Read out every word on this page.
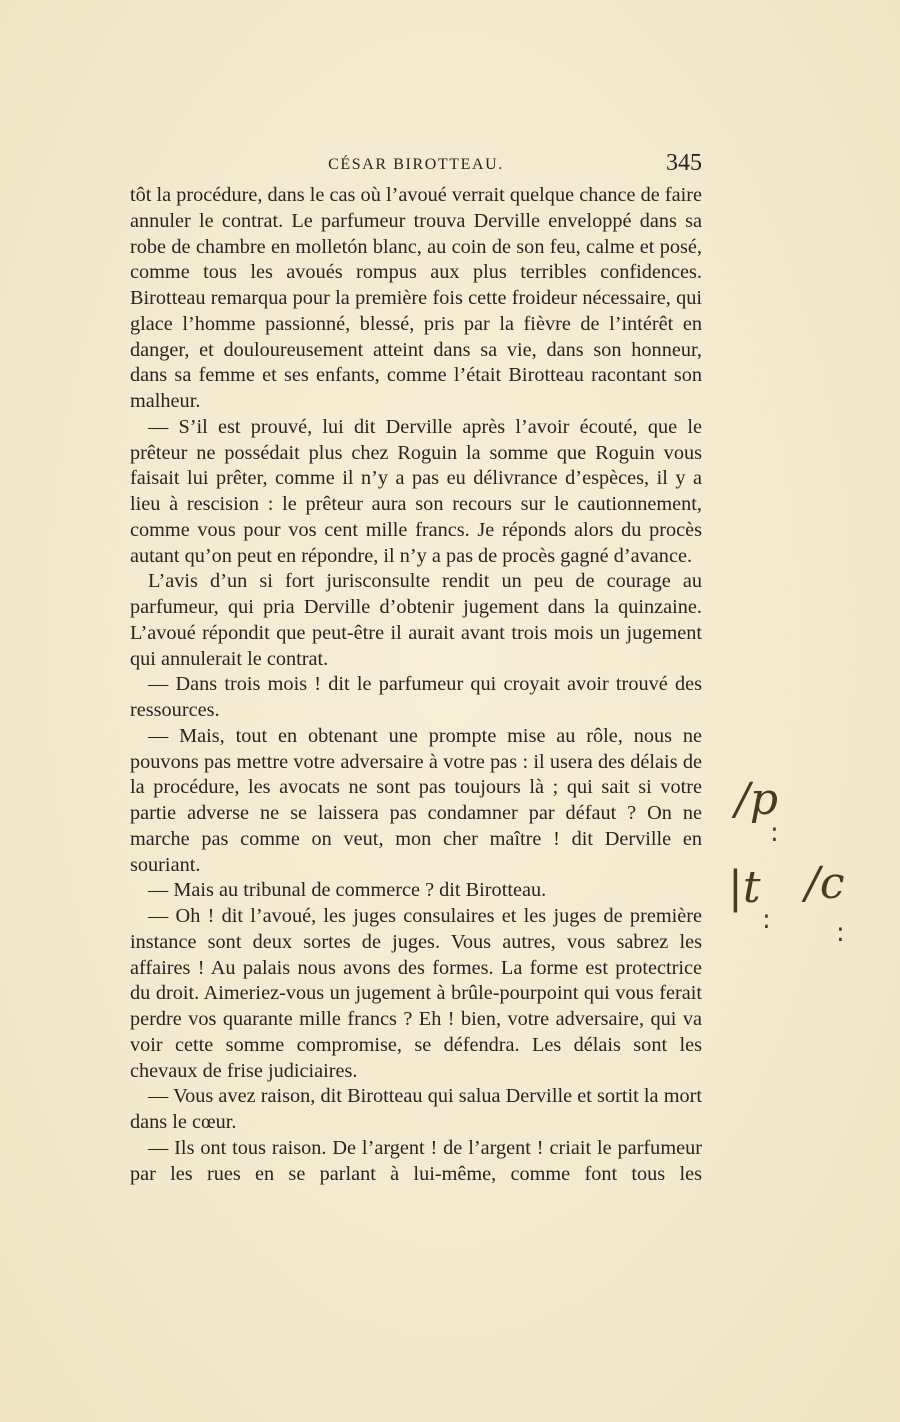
CÉSAR BIROTTEAU.	345

tôt la procédure, dans le cas où l’avoué verrait quelque chance de faire annuler le contrat. Le parfumeur trouva Derville enveloppé dans sa robe de chambre en molletón blanc, au coin de son feu, calme et posé, comme tous les avoués rompus aux plus terribles confidences. Birotteau remarqua pour la première fois cette froideur nécessaire, qui glace l’homme passionné, blessé, pris par la fièvre de l’intérêt en danger, et douloureusement atteint dans sa vie, dans son honneur, dans sa femme et ses enfants, comme l’était Birotteau racontant son malheur.

— S’il est prouvé, lui dit Derville après l’avoir écouté, que le prêteur ne possédait plus chez Roguin la somme que Roguin vous faisait lui prêter, comme il n’y a pas eu délivrance d’espèces, il y a lieu à rescision : le prêteur aura son recours sur le cautionnement, comme vous pour vos cent mille francs. Je réponds alors du procès autant qu’on peut en répondre, il n’y a pas de procès gagné d’avance.

L’avis d’un si fort jurisconsulte rendit un peu de courage au parfumeur, qui pria Derville d’obtenir jugement dans la quinzaine. L’avoué répondit que peut-être il aurait avant trois mois un jugement qui annulerait le contrat.

— Dans trois mois ! dit le parfumeur qui croyait avoir trouvé des ressources.

— Mais, tout en obtenant une prompte mise au rôle, nous ne pouvons pas mettre votre adversaire à votre pas : il usera des délais de la procédure, les avocats ne sont pas toujours là ; qui sait si votre partie adverse ne se laissera pas condamner par défaut ? On ne marche pas comme on veut, mon cher maître ! dit Derville en souriant.

— Mais au tribunal de commerce ? dit Birotteau.

— Oh ! dit l’avoué, les juges consulaires et les juges de première instance sont deux sortes de juges. Vous autres, vous sabrez les affaires ! Au palais nous avons des formes. La forme est protectrice du droit. Aimeriez-vous un jugement à brûle-pourpoint qui vous ferait perdre vos quarante mille francs ? Eh ! bien, votre adversaire, qui va voir cette somme compromise, se défendra. Les délais sont les chevaux de frise judiciaires.

— Vous avez raison, dit Birotteau qui salua Derville et sortit la mort dans le cœur.

— Ils ont tous raison. De l’argent ! de l’argent ! criait le parfumeur par les rues en se parlant à lui-même, comme font tous les

/p
:
|t
:
/c
:
